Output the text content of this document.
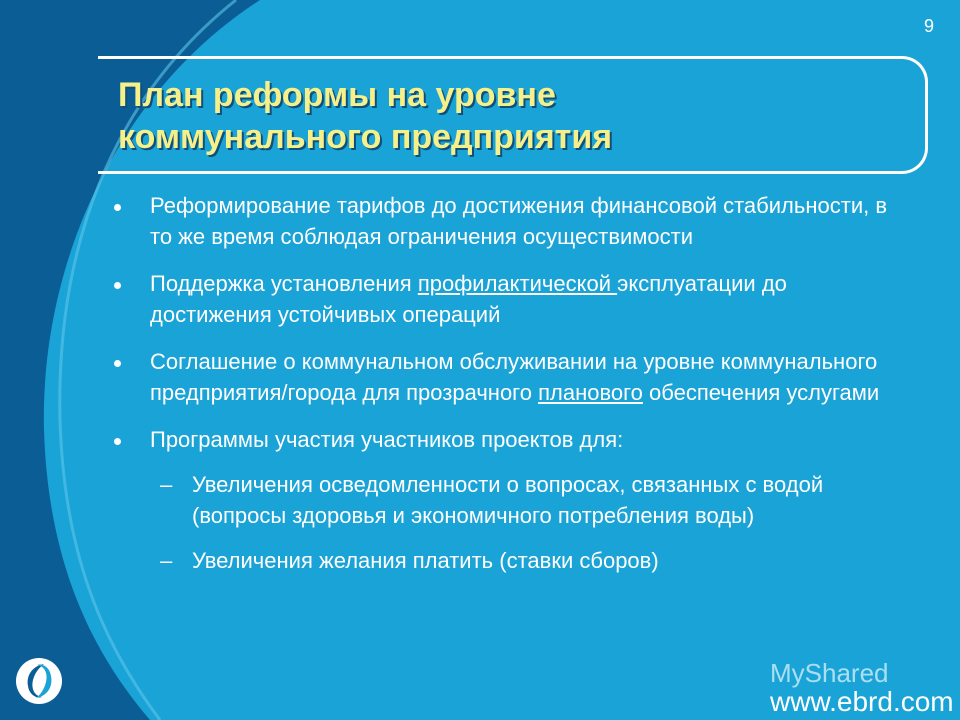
9
План реформы на уровне
коммунального предприятия
Реформирование тарифов до достижения финансовой стабильности, в то же время соблюдая ограничения осуществимости
Поддержка установления профилактической эксплуатации до достижения устойчивых операций
Соглашение о коммунальном обслуживании на уровне коммунального предприятия/города для прозрачного планового обеспечения услугами
Программы участия участников проектов для:
– Увеличения осведомленности о вопросах, связанных с водой (вопросы здоровья и экономичного потребления воды)
– Увеличения желания платить (ставки сборов)
MyShared
www.ebrd.com
